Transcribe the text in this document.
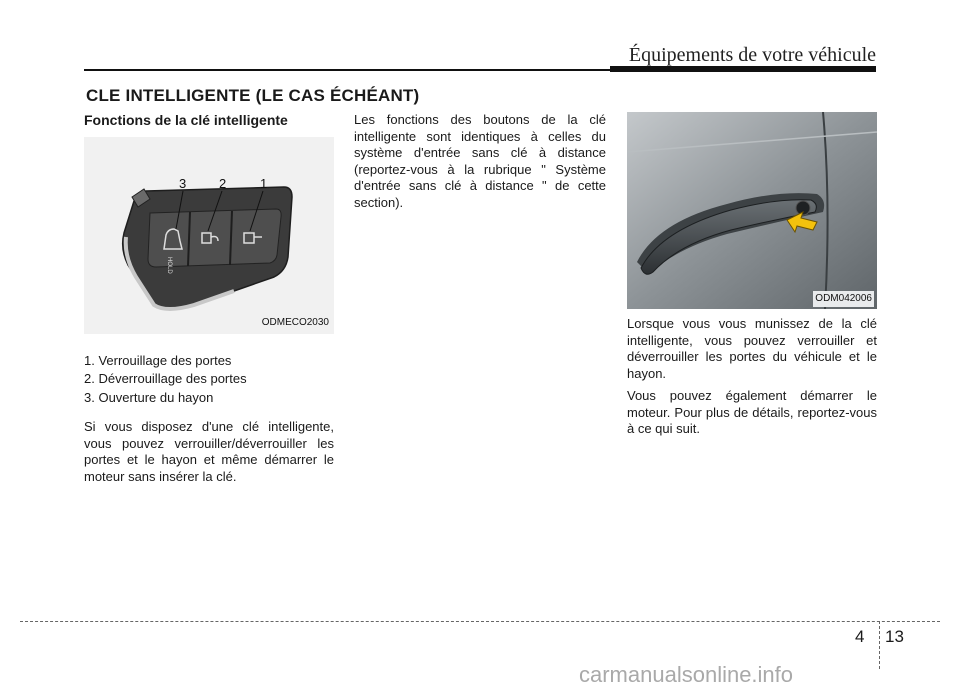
Équipements de votre véhicule
CLE INTELLIGENTE (LE CAS ÉCHÉANT)
Fonctions de la clé intelligente
3	2	1
HOLD
ODMECO2030
1. Verrouillage des portes
2. Déverrouillage des portes
3. Ouverture du hayon

Si vous disposez d'une clé intelligente, vous pouvez verrouiller/déverrouiller les portes et le hayon et même démarrer le moteur sans insérer la clé.

Les fonctions des boutons de la clé intelligente sont identiques à celles du système d'entrée sans clé à distance (reportez-vous à la rubrique " Système d'entrée sans clé à distance " de cette section).

ODM042006

Lorsque vous vous munissez de la clé intelligente, vous pouvez verrouiller et déverrouiller les portes du véhicule et le hayon.

Vous pouvez également démarrer le moteur. Pour plus de détails, reportez-vous à ce qui suit.

4 13
carmanualsonline.info
